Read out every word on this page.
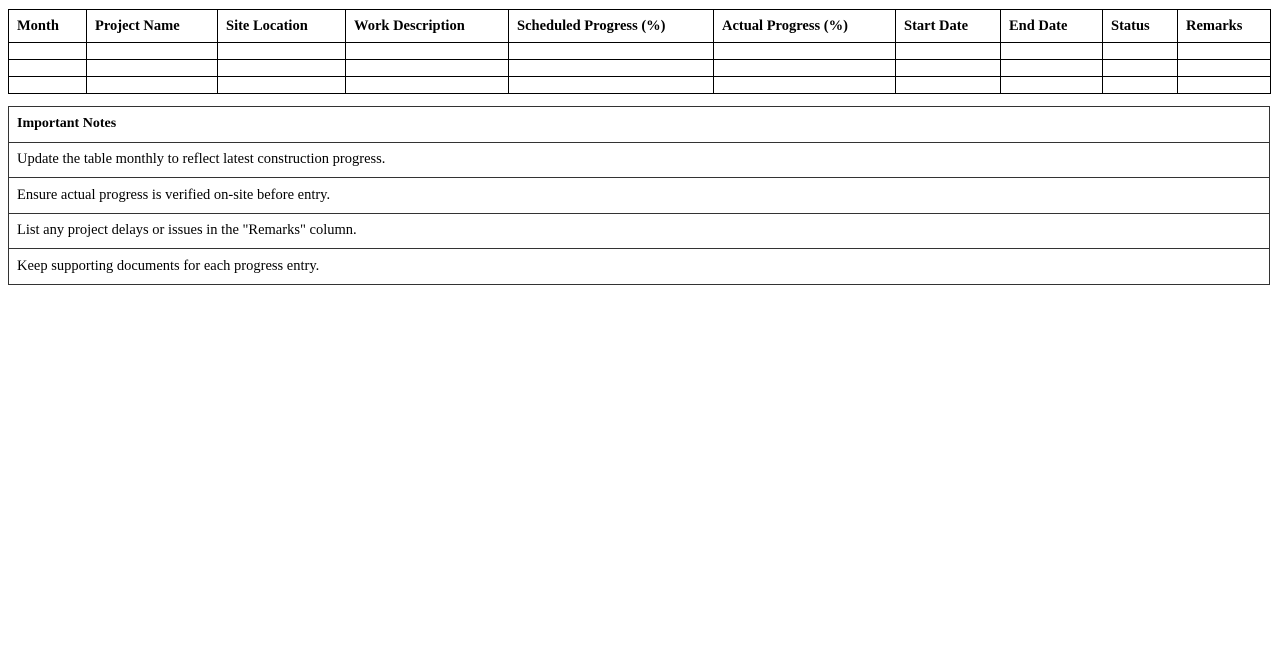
Month	Project Name	Site Location	Work Description	Scheduled Progress (%)	Actual Progress (%)	Start Date	End Date	Status	Remarks

Important Notes
Update the table monthly to reflect latest construction progress.
Ensure actual progress is verified on-site before entry.
List any project delays or issues in the "Remarks" column.
Keep supporting documents for each progress entry.
